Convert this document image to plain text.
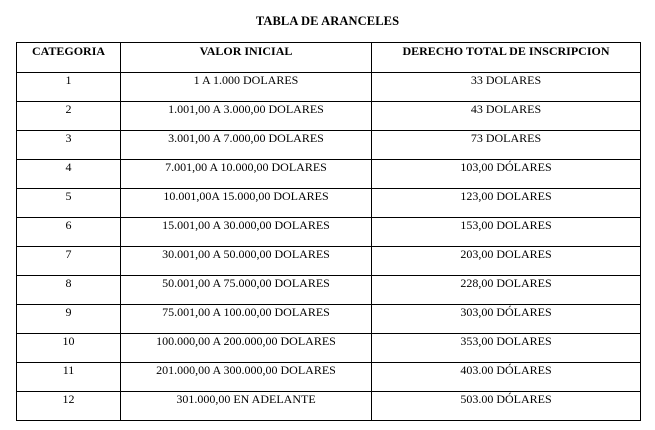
TABLA DE ARANCELES
CATEGORIA	VALOR INICIAL	DERECHO TOTAL DE INSCRIPCION
1	1 A 1.000 DOLARES	33 DOLARES
2	1.001,00 A 3.000,00 DOLARES	43 DOLARES
3	3.001,00 A 7.000,00 DOLARES	73 DOLARES
4	7.001,00 A 10.000,00 DOLARES	103,00 DÓLARES
5	10.001,00A 15.000,00 DOLARES	123,00 DOLARES
6	15.001,00 A 30.000,00 DOLARES	153,00 DOLARES
7	30.001,00 A 50.000,00 DOLARES	203,00 DOLARES
8	50.001,00 A 75.000,00 DOLARES	228,00 DOLARES
9	75.001,00 A 100.00,00 DOLARES	303,00 DÓLARES
10	100.000,00 A 200.000,00 DOLARES	353,00 DOLARES
11	201.000,00 A 300.000,00 DOLARES	403.00 DÓLARES
12	301.000,00 EN ADELANTE	503.00 DÓLARES
